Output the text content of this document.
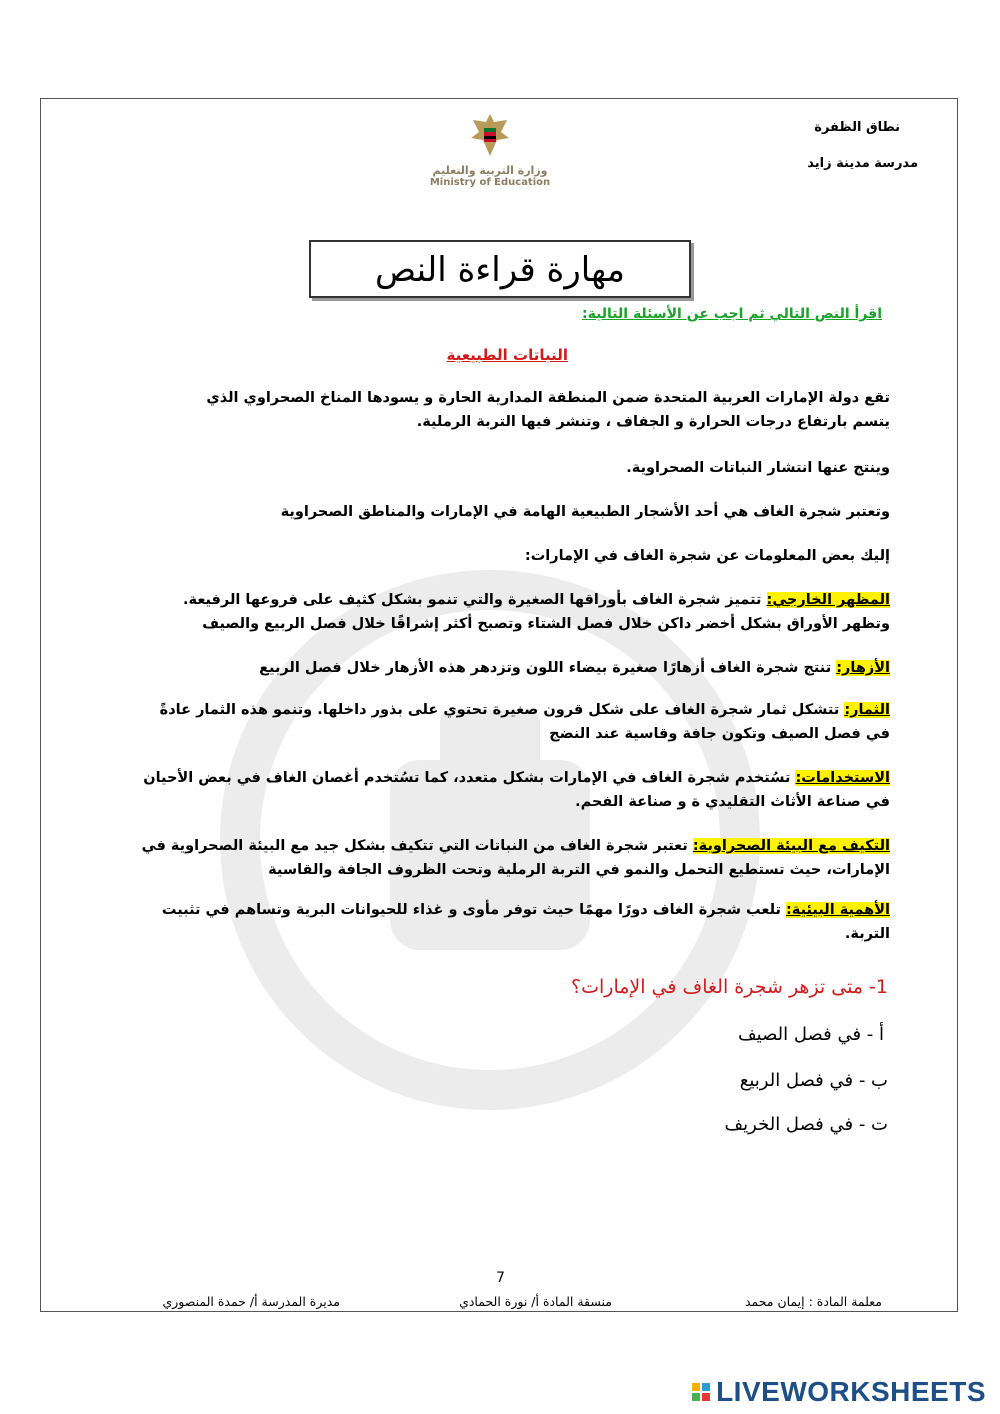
نطاق الظفرة
مدرسة مدينة زايد
وزارة التربية والتعليم
Ministry of Education
مهارة قراءة النص
اقرأ النص التالي ثم اجب عن الأسئلة التالية:
النباتات الطبيعية
تقع دولة الإمارات العربية المتحدة ضمن المنطقة المدارية الحارة و يسودها المناخ الصحراوي الذي يتسم بارتفاع درجات الحرارة و الجفاف ، وتنشر فيها التربة الرملية.
وينتج عنها انتشار النباتات الصحراوية.
وتعتبر شجرة الغاف هي أحد الأشجار الطبيعية الهامة في الإمارات والمناطق الصحراوية
إليك بعض المعلومات عن شجرة الغاف في الإمارات:
المظهر الخارجي: تتميز شجرة الغاف بأوراقها الصغيرة والتي تنمو بشكل كثيف على فروعها الرفيعة. وتظهر الأوراق بشكل أخضر داكن خلال فصل الشتاء وتصبح أكثر إشراقًا خلال فصل الربيع والصيف
الأزهار: تنتج شجرة الغاف أزهارًا صغيرة بيضاء اللون وتزدهر هذه الأزهار خلال فصل الربيع
الثمار: تتشكل ثمار شجرة الغاف على شكل قرون صغيرة تحتوي على بذور داخلها. وتنمو هذه الثمار عادةً في فصل الصيف وتكون جافة وقاسية عند النضج
الاستخدامات: تسُتخدم شجرة الغاف في الإمارات بشكل متعدد، كما تسُتخدم أغصان الغاف في بعض الأحيان في صناعة الأثاث التقليدي ة و صناعة الفحم.
التكيف مع البيئة الصحراوية: تعتبر شجرة الغاف من النباتات التي تتكيف بشكل جيد مع البيئة الصحراوية في الإمارات، حيث تستطيع التحمل والنمو في التربة الرملية وتحت الظروف الجافة والقاسية
الأهمية البيئية: تلعب شجرة الغاف دورًا مهمًا حيث توفر مأوى و غذاء للحيوانات البرية وتساهم في تثبيت التربة.
1- متى تزهر شجرة الغاف في الإمارات؟
أ - في فصل الصيف
ب - في فصل الربيع
ت - في فصل الخريف
7
معلمة المادة : إيمان محمد
منسقة المادة أ/ نورة الحمادي
مديرة المدرسة أ/ حمدة المنصوري
LIVEWORKSHEETS
